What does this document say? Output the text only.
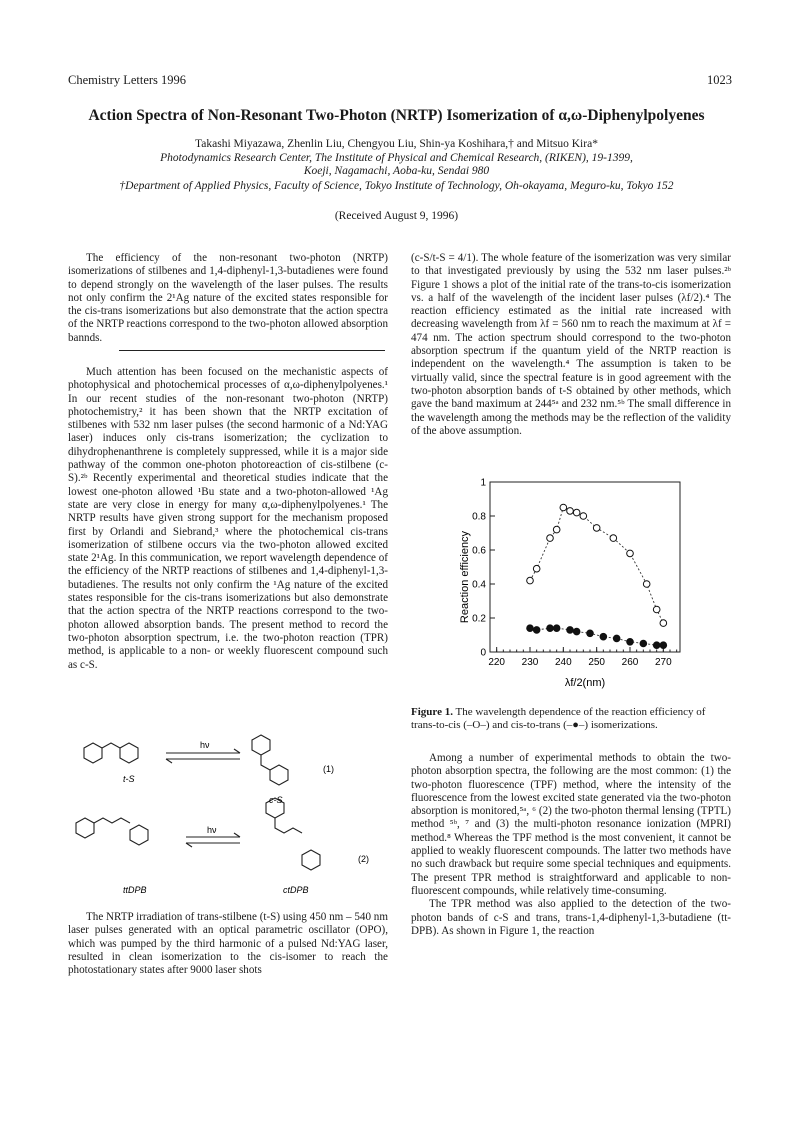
Chemistry Letters 1996	1023
Action Spectra of Non-Resonant Two-Photon (NRTP) Isomerization of α,ω-Diphenylpolyenes
Takashi Miyazawa, Zhenlin Liu, Chengyou Liu, Shin-ya Koshihara,† and Mitsuo Kira*
Photodynamics Research Center, The Institute of Physical and Chemical Research, (RIKEN), 19-1399,
Koeji, Nagamachi, Aoba-ku, Sendai 980
†Department of Applied Physics, Faculty of Science, Tokyo Institute of Technology, Oh-okayama, Meguro-ku, Tokyo 152
(Received August 9, 1996)

The efficiency of the non-resonant two-photon (NRTP) isomerizations of stilbenes and 1,4-diphenyl-1,3-butadienes were found to depend strongly on the wavelength of the laser pulses. The results not only confirm the 2¹Ag nature of the excited states responsible for the cis-trans isomerizations but also demonstrate that the action spectra of the NRTP reactions correspond to the two-photon allowed absorption bannds.

Much attention has been focused on the mechanistic aspects of photophysical and photochemical processes of α,ω-diphenylpolyenes.¹ In our recent studies of the non-resonant two-photon (NRTP) photochemistry,² it has been shown that the NRTP excitation of stilbenes with 532 nm laser pulses (the second harmonic of a Nd:YAG laser) induces only cis-trans isomerization; the cyclization to dihydrophenanthrene is completely suppressed, while it is a major side pathway of the common one-photon photoreaction of cis-stilbene (c-S).²ᵇ Recently experimental and theoretical studies indicate that the lowest one-photon allowed ¹Bu state and a two-photon-allowed ¹Ag state are very close in energy for many α,ω-diphenylpolyenes.¹ The NRTP results have given strong support for the mechanism proposed first by Orlandi and Siebrand,³ where the photochemical cis-trans isomerization of stilbene occurs via the two-photon allowed excited state 2¹Ag. In this communication, we report wavelength dependence of the efficiency of the NRTP reactions of stilbenes and 1,4-diphenyl-1,3-butadienes. The results not only confirm the ¹Ag nature of the excited states responsible for the cis-trans isomerizations but also demonstrate that the action spectra of the NRTP reactions correspond to the two-photon allowed absorption bands. The present method to record the two-photon absorption spectrum, i.e. the two-photon reaction (TPR) method, is applicable to a non- or weekly fluorescent compound such as c-S.

hν
hν
t-S
c-S
(1)
ttDPB	ctDPB
(2)

The NRTP irradiation of trans-stilbene (t-S) using 450 nm – 540 nm laser pulses generated with an optical parametric oscillator (OPO), which was pumped by the third harmonic of a pulsed Nd:YAG laser, resulted in clean isomerization to the cis-isomer to reach the photostationary states after 9000 laser shots

(c-S/t-S = 4/1). The whole feature of the isomerization was very similar to that investigated previously by using the 532 nm laser pulses.²ᵇ Figure 1 shows a plot of the initial rate of the trans-to-cis isomerization vs. a half of the wavelength of the incident laser pulses (λf/2).⁴ The reaction efficiency estimated as the initial rate increased with decreasing wavelength from λf = 560 nm to reach the maximum at λf = 474 nm. The action spectrum should correspond to the two-photon absorption spectrum if the quantum yield of the NRTP reaction is independent on the wavelength.⁴ The assumption is taken to be virtually valid, since the spectral feature is in good agreement with the two-photon absorption bands of t-S obtained by other methods, which gave the band maximum at 244⁵ᵃ and 232 nm.⁵ᵇ The small difference in the wavelength among the methods may be the reflection of the validity of the above assumption.

220 230 240 250 260 270
0
0.2
0.4
0.6
0.8
1
λf/2(nm)
Reaction efficiency
Figure 1. The wavelength dependence of the reaction efficiency of trans-to-cis (–O–) and cis-to-trans (–●–) isomerizations.

Among a number of experimental methods to obtain the two-photon absorption spectra, the following are the most common: (1) the two-photon fluorescence (TPF) method, where the intensity of the fluorescence from the lowest excited state generated via the two-photon absorption is monitored,⁵ᵃ, ⁶ (2) the two-photon thermal lensing (TPTL) method ⁵ᵇ, ⁷ and (3) the multi-photon resonance ionization (MPRI) method.⁸ Whereas the TPF method is the most convenient, it cannot be applied to weakly fluorescent compounds. The latter two methods have no such drawback but require some special techniques and equipments. The present TPR method is straightforward and applicable to non-fluorescent compounds, while relatively time-consuming.

The TPR method was also applied to the detection of the two-photon bands of c-S and trans, trans-1,4-diphenyl-1,3-butadiene (tt-DPB). As shown in Figure 1, the reaction
